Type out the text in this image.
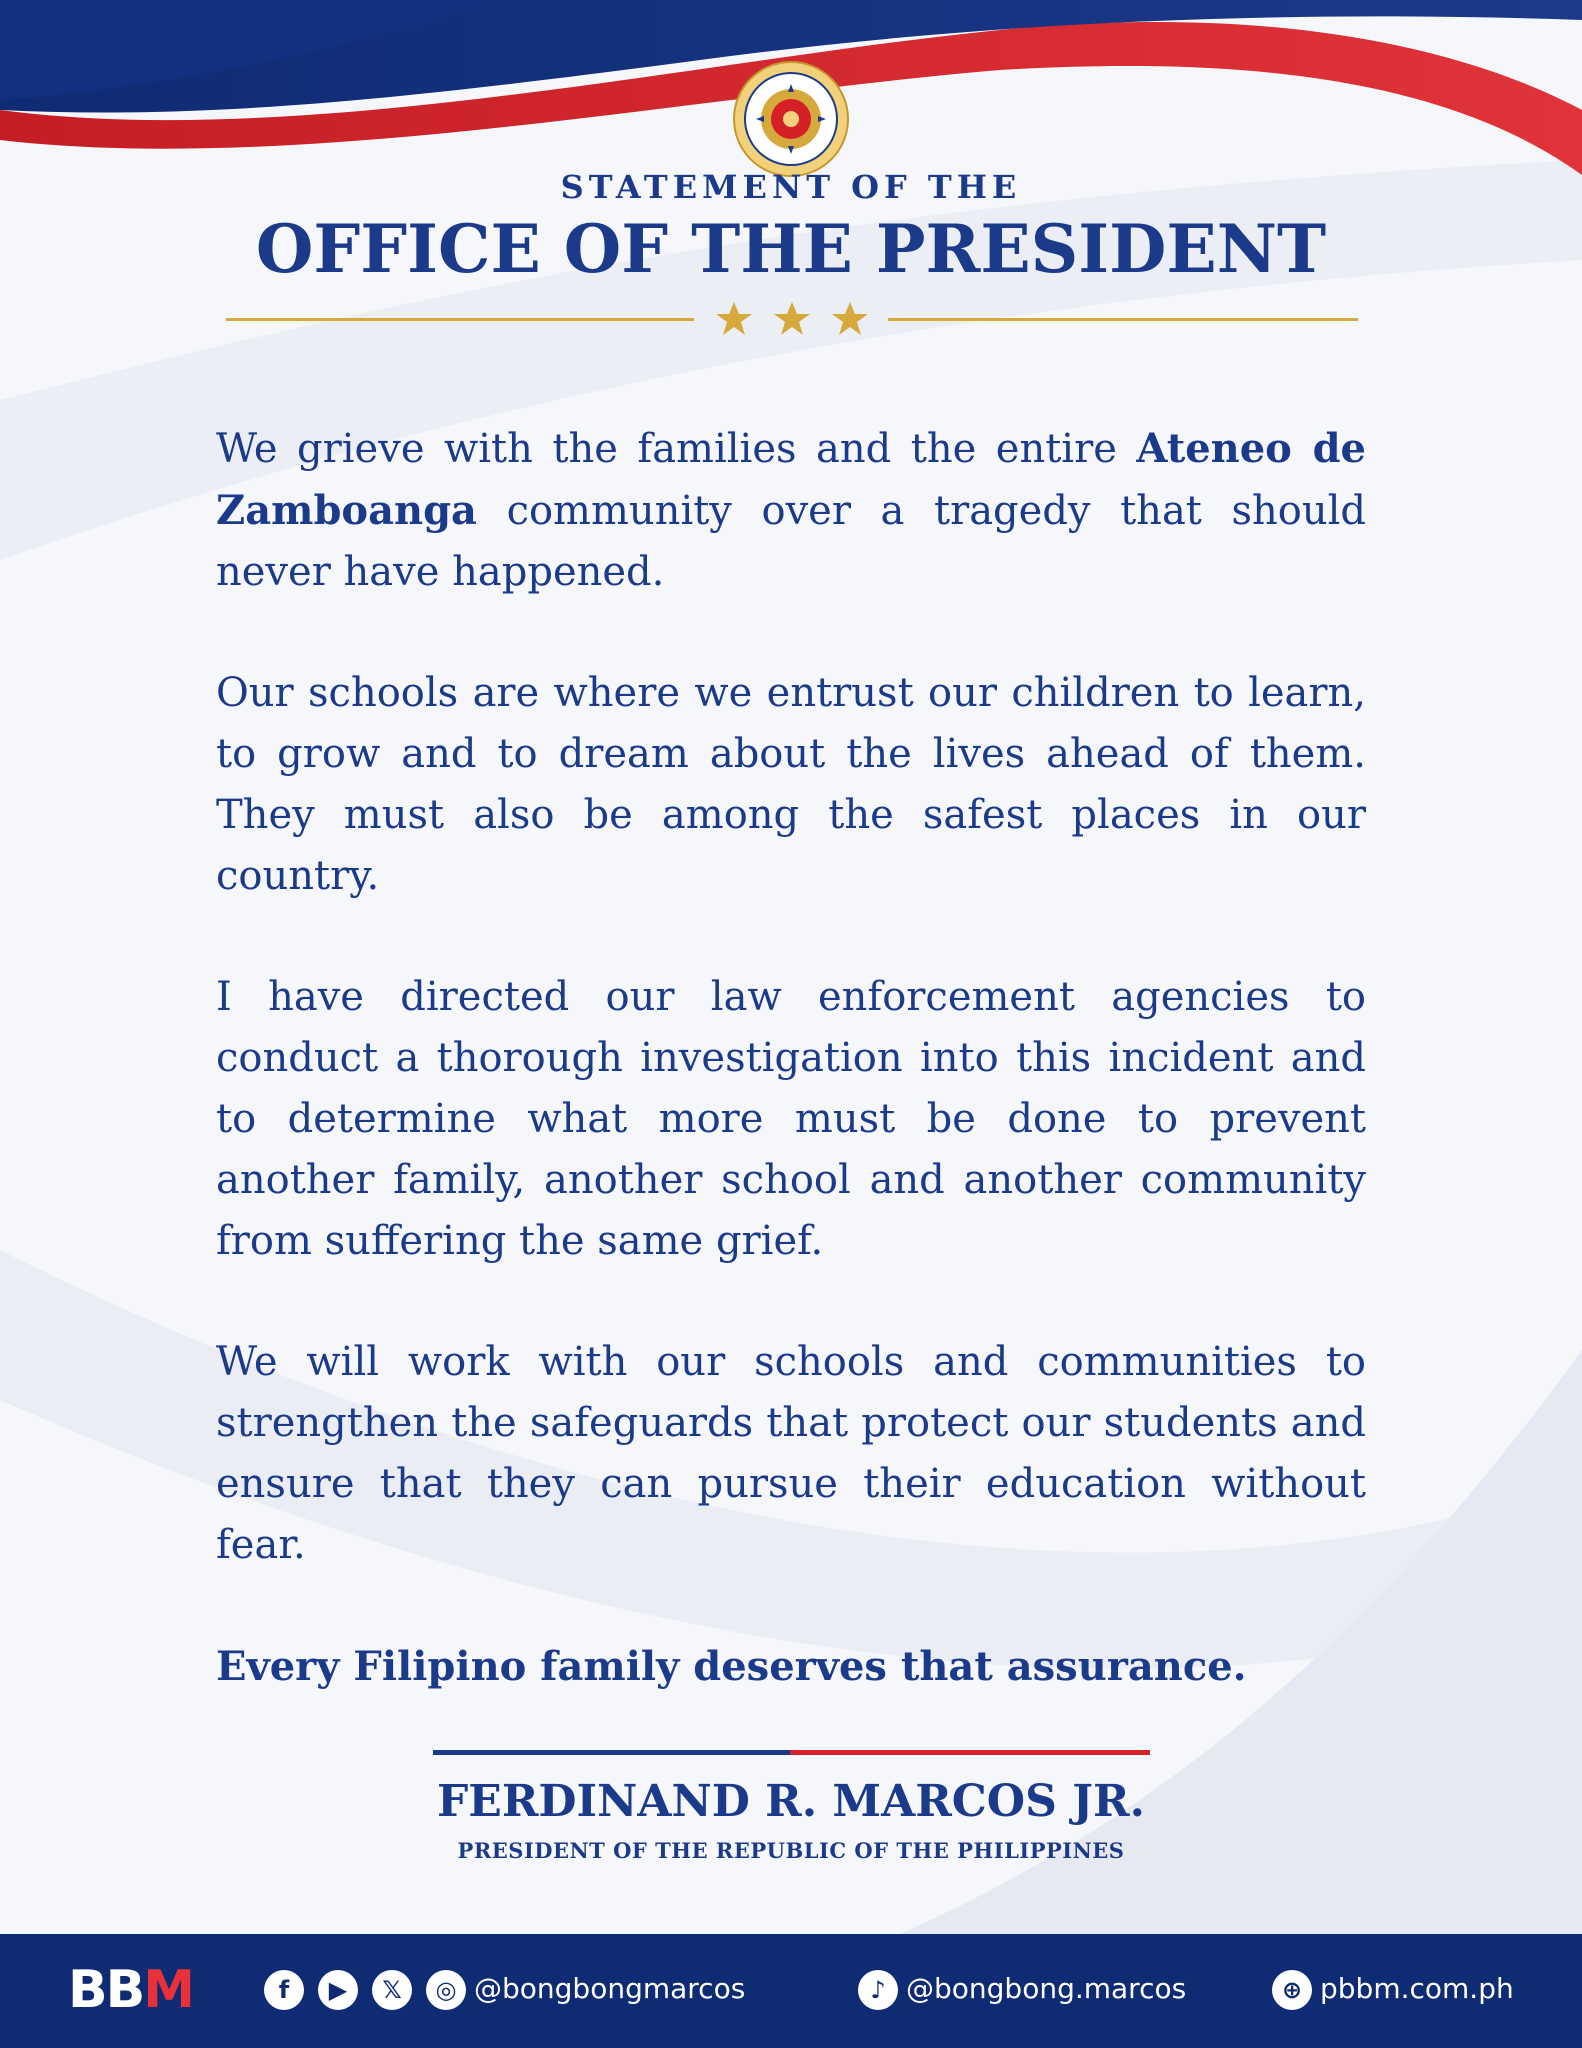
STATEMENT OF THE
OFFICE OF THE PRESIDENT

We grieve with the families and the entire Ateneo de Zamboanga community over a tragedy that should never have happened.

Our schools are where we entrust our children to learn, to grow and to dream about the lives ahead of them. They must also be among the safest places in our country.

I have directed our law enforcement agencies to conduct a thorough investigation into this incident and to determine what more must be done to prevent another family, another school and another community from suffering the same grief.

We will work with our schools and communities to strengthen the safeguards that protect our students and ensure that they can pursue their education without fear.

Every Filipino family deserves that assurance.

FERDINAND R. MARCOS JR.
PRESIDENT OF THE REPUBLIC OF THE PHILIPPINES
BBM	f	▶	𝕏	◎ @bongbongmarcos	♪ @bongbong.marcos	⊕ pbbm.com.ph
